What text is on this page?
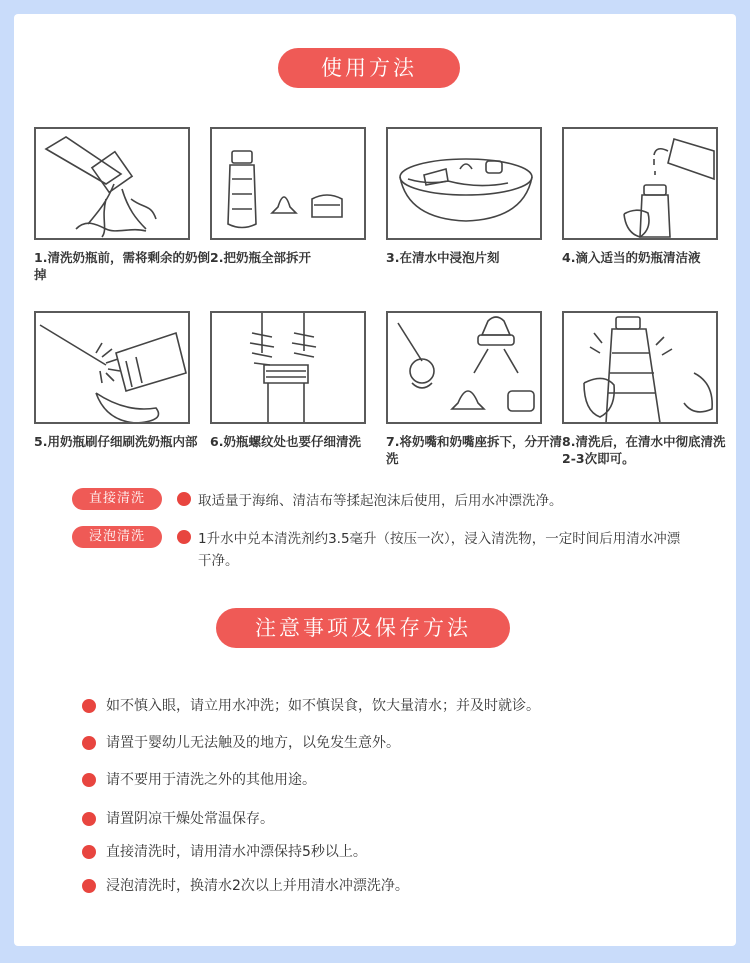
使用方法
1.清洗奶瓶前，需将剩余的奶倒掉
2.把奶瓶全部拆开	3.在清水中浸泡片刻	4.滴入适当的奶瓶清洁液
5.用奶瓶刷仔细刷洗奶瓶内部	6.奶瓶螺纹处也要仔细清洗	7.将奶嘴和奶嘴座拆下，分开清洗
8.清洗后，在清水中彻底清洗2-3次即可。
直接清洗	取适量于海绵、清洁布等揉起泡沫后使用，后用水冲漂洗净。
浸泡清洗	1升水中兑本清洗剂约3.5毫升（按压一次），浸入清洗物，一定时间后用清水冲漂干净。
注意事项及保存方法
如不慎入眼，请立用水冲洗；如不慎误食，饮大量清水；并及时就诊。
请置于婴幼儿无法触及的地方，以免发生意外。
请不要用于清洗之外的其他用途。
请置阴凉干燥处常温保存。
直接清洗时，请用清水冲漂保持5秒以上。
浸泡清洗时，换清水2次以上并用清水冲漂洗净。
